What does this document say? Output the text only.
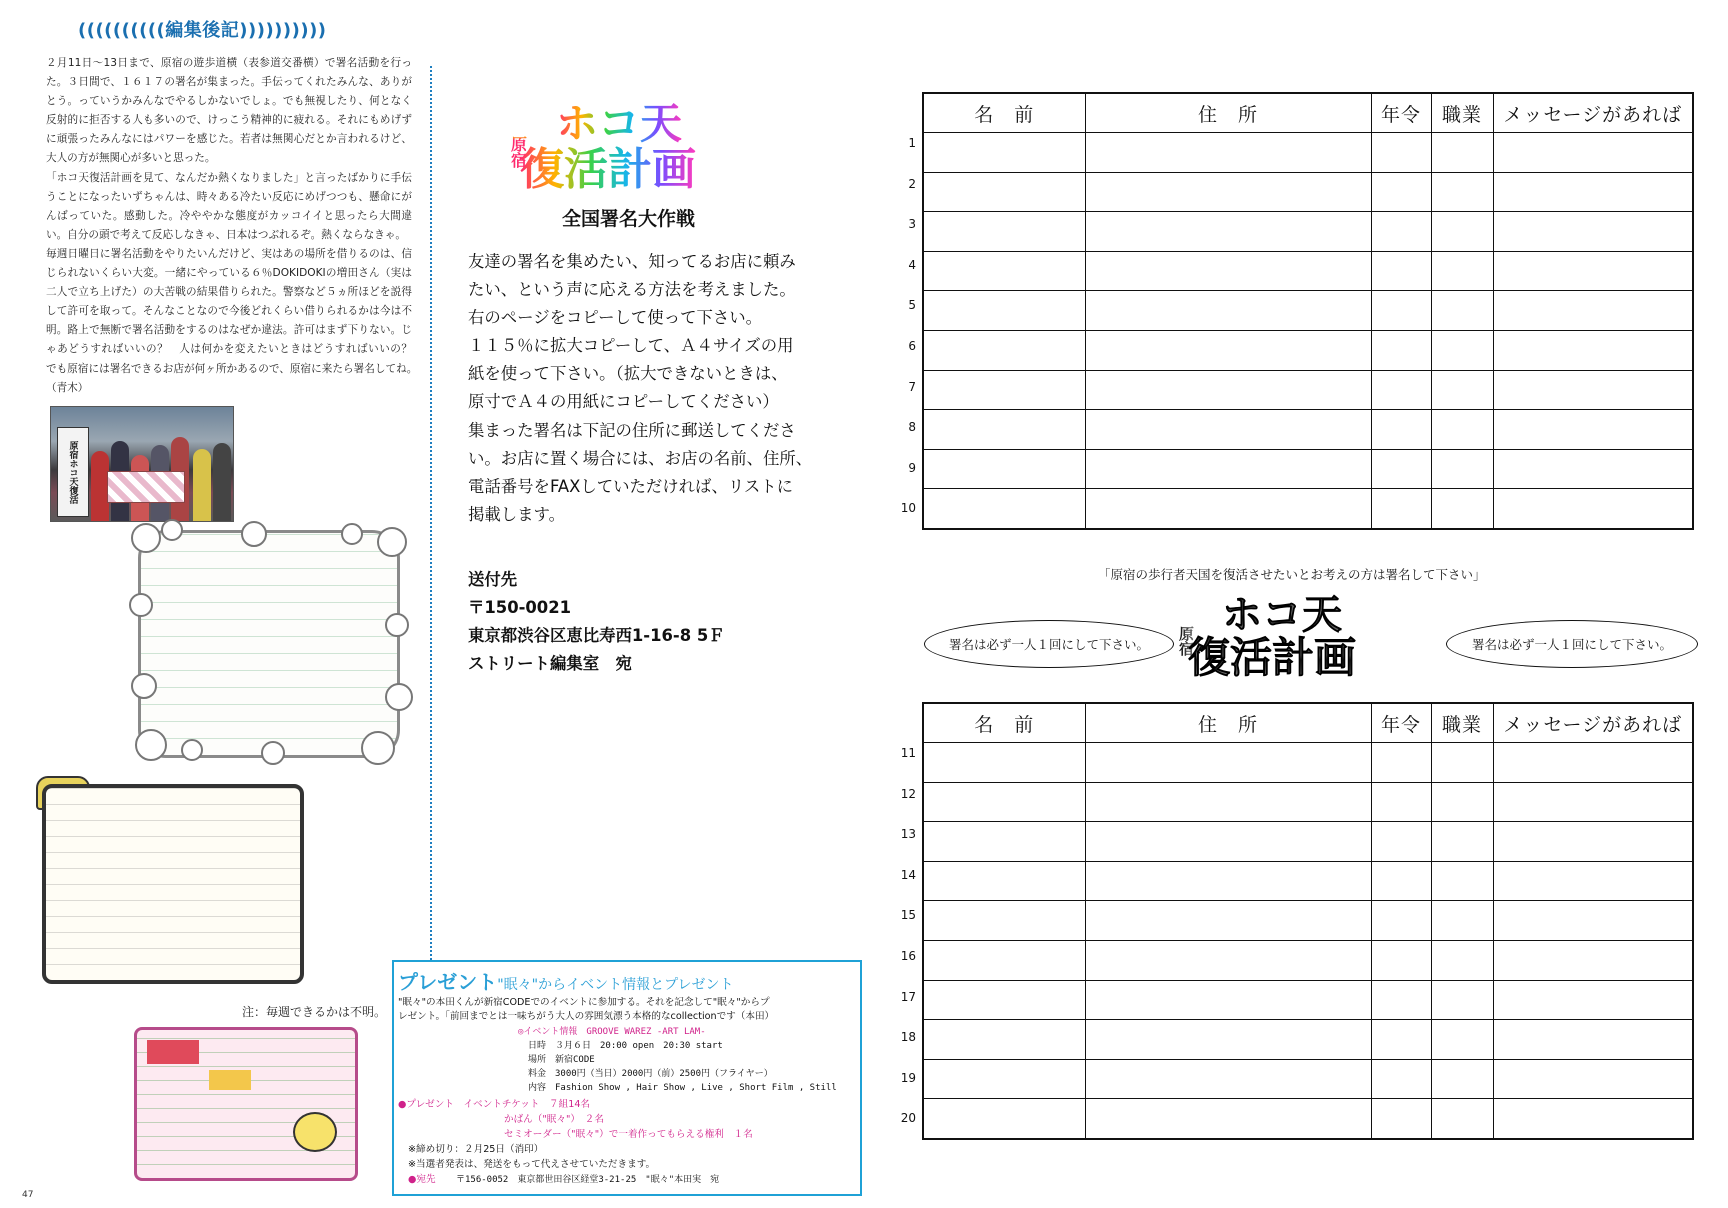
((((((((((編集後記))))))))))

２月11日〜13日まで、原宿の遊歩道横（表参道交番横）で署名活動を行った。３日間で、１６１７の署名が集まった。手伝ってくれたみんな、ありがとう。っていうかみんなでやるしかないでしょ。でも無視したり、何となく反射的に拒否する人も多いので、けっこう精神的に疲れる。それにもめげずに頑張ったみんなにはパワーを感じた。若者は無関心だとか言われるけど、大人の方が無関心が多いと思った。

「ホコ天復活計画を見て、なんだか熱くなりました」と言ったばかりに手伝うことになったいずちゃんは、時々ある冷たい反応にめげつつも、懸命にがんばっていた。感動した。冷ややかな態度がカッコイイと思ったら大間違い。自分の頭で考えて反応しなきゃ、日本はつぶれるぞ。熱くならなきゃ。

毎週日曜日に署名活動をやりたいんだけど、実はあの場所を借りるのは、信じられないくらい大変。一緒にやっている６％DOKIDOKIの増田さん（実は二人で立ち上げた）の大苦戦の結果借りられた。警察など５ヵ所ほどを説得して許可を取って。そんなことなので今後どれくらい借りられるかは今は不明。路上で無断で署名活動をするのはなぜか違法。許可はまず下りない。じゃあどうすればいいの？　人は何かを変えたいときはどうすればいいの？　でも原宿には署名できるお店が何ヶ所かあるので、原宿に来たら署名してね。　（青木）

原宿ホコ天復活
注：毎週できるかは不明。
47
原宿
ホコ天
復活計画
全国署名大作戦

友達の署名を集めたい、知ってるお店に頼み

たい、という声に応える方法を考えました。

右のページをコピーして使って下さい。

１１５％に拡大コピーして、Ａ４サイズの用

紙を使って下さい。（拡大できないときは、

原寸でＡ４の用紙にコピーしてください）

集まった署名は下記の住所に郵送してくださ

い。お店に置く場合には、お店の名前、住所、

電話番号をFAXしていただければ、リストに

掲載します。

送付先
〒150-0021
東京都渋谷区恵比寿西1-16-8 5Ｆ
ストリート編集室　宛
プレゼント"眠々"からイベント情報とプレゼント
"眠々"の本田くんが新宿CODEでのイベントに参加する。それを記念して"眠々"からプ
レゼント。「前回までとは一味ちがう大人の雰囲気漂う本格的なcollectionです（本田）
◎イベント情報　GROOVE WAREZ -ART LAM-
日時　３月６日　20:00 open　20:30 start
場所　新宿CODE
料金　3000円（当日）2000円（前）2500円（フライヤー）
内容　Fashion Show , Hair Show , Live , Short Film , Still
●プレゼント　イベントチケット　７組14名
かばん（"眠々"）　２名
セミオーダー（"眠々"）で一着作ってもらえる権利　１名
※締め切り：２月25日（消印）
※当選者発表は、発送をもって代えさせていただきます。
●宛先 〒156-0052　東京都世田谷区経堂3-21-25　"眠々"本田実　宛
名　前	住　所	年令	職業	メッセージがあれば

1
2
3
4
5
6
7
8
9
10
「原宿の歩行者天国を復活させたいとお考えの方は署名して下さい」
署名は必ず一人１回にして下さい。	署名は必ず一人１回にして下さい。
原宿
ホコ天
復活計画
名　前	住　所	年令	職業	メッセージがあれば

11
12
13
14
15
16
17
18
19
20
